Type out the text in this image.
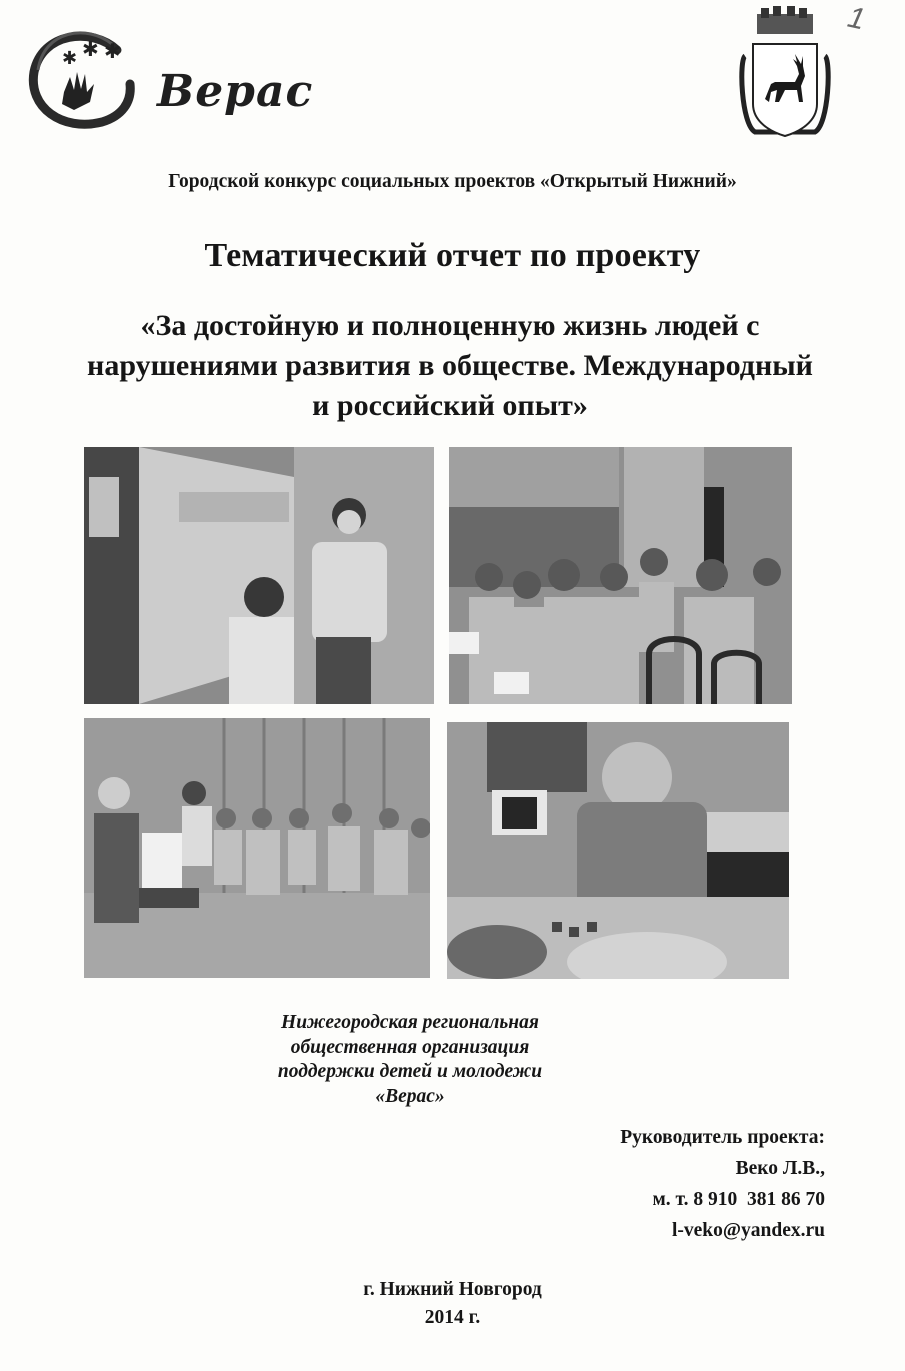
✱ ✱ ✱
Верас
1
Городской конкурс социальных проектов «Открытый Нижний»
Тематический отчет по проекту
«За достойную и полноценную жизнь людей с
нарушениями развития в обществе. Международный
и российский опыт»
Нижегородская региональная
общественная организация
поддержки детей и молодежи
«Верас»
Руководитель проекта:
Веко Л.В.,
м. т. 8 910  381 86 70
l-veko@yandex.ru
г. Нижний Новгород
2014 г.
